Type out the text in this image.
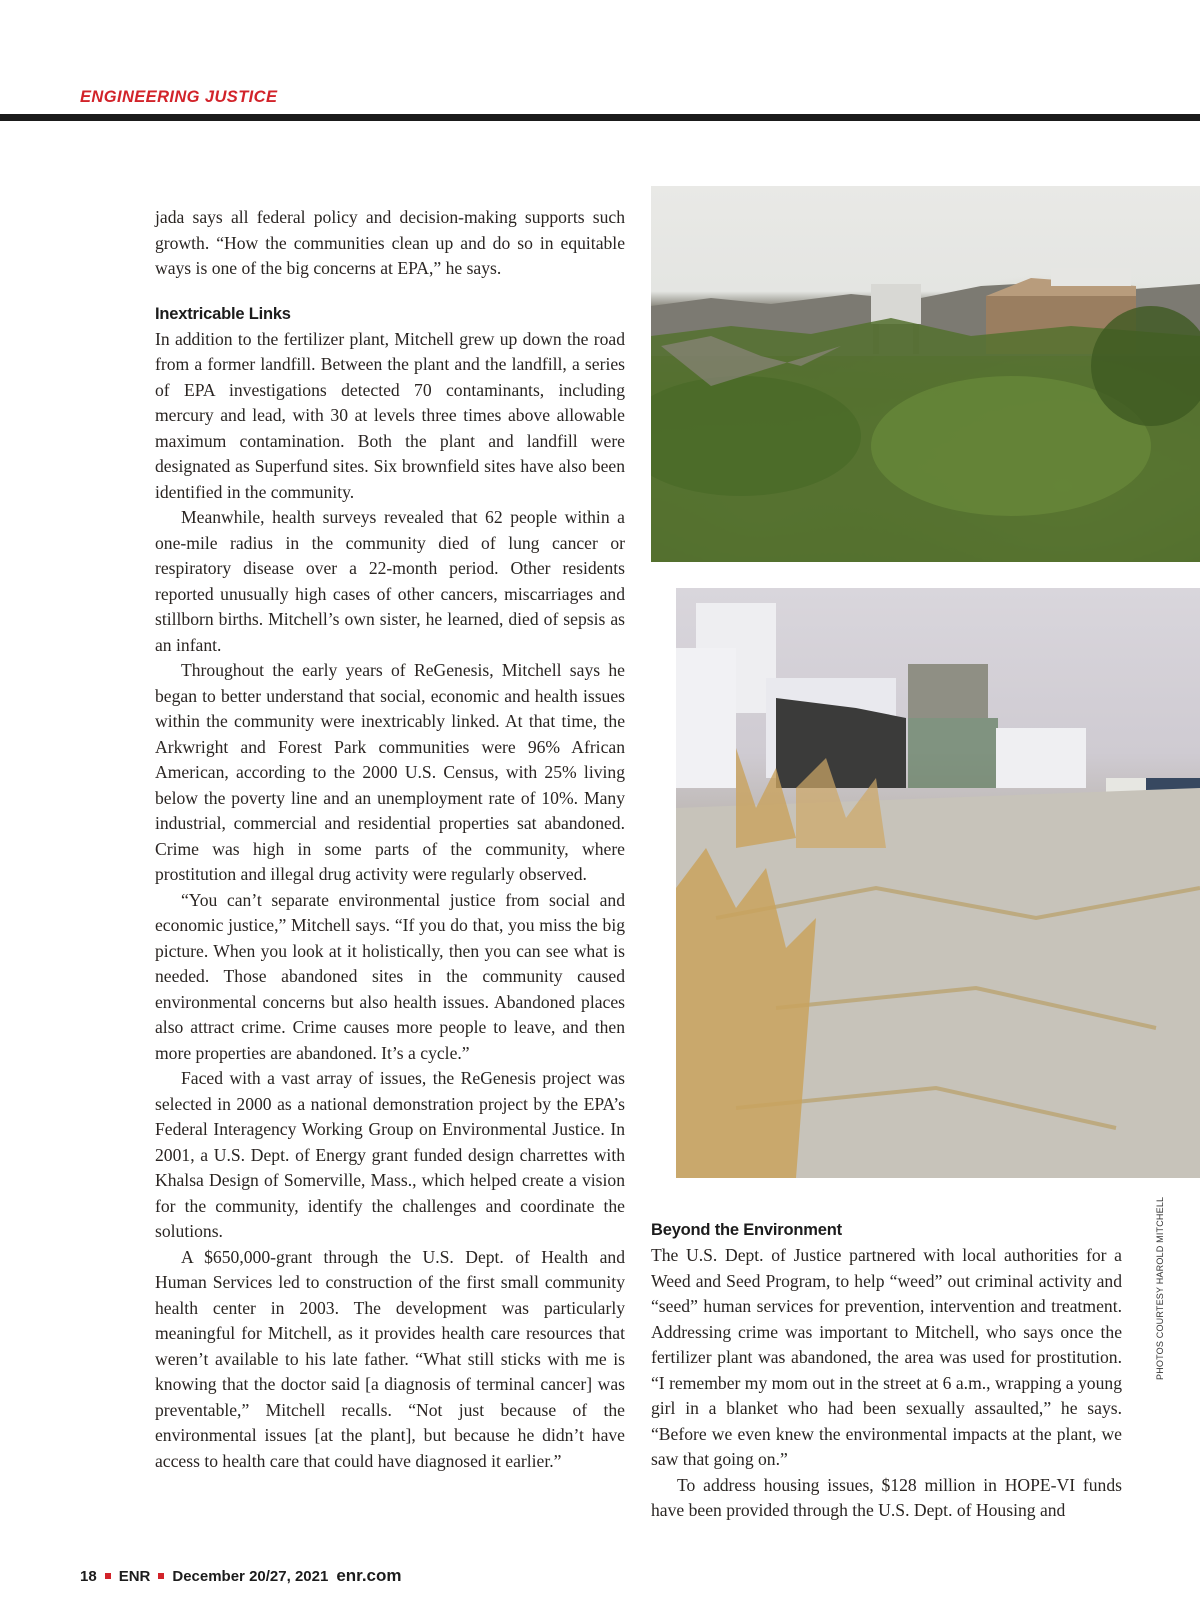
ENGINEERING JUSTICE

jada says all federal policy and decision-making supports such growth. “How the communities clean up and do so in equitable ways is one of the big concerns at EPA,” he says.

Inextricable Links

In addition to the fertilizer plant, Mitchell grew up down the road from a former landfill. Between the plant and the landfill, a series of EPA investigations detected 70 contaminants, including mercury and lead, with 30 at levels three times above allowable maximum contamination. Both the plant and landfill were designated as Superfund sites. Six brownfield sites have also been identified in the community.

Meanwhile, health surveys revealed that 62 people within a one-mile radius in the community died of lung cancer or respiratory disease over a 22-month period. Other residents reported unusually high cases of other cancers, miscarriages and stillborn births. Mitchell’s own sister, he learned, died of sepsis as an infant.

Throughout the early years of ReGenesis, Mitchell says he began to better understand that social, economic and health issues within the community were inextricably linked. At that time, the Arkwright and Forest Park communities were 96% African American, according to the 2000 U.S. Census, with 25% living below the poverty line and an unemployment rate of 10%. Many industrial, commercial and residential properties sat abandoned. Crime was high in some parts of the community, where prostitution and illegal drug activity were regularly observed.

“You can’t separate environmental justice from social and economic justice,” Mitchell says. “If you do that, you miss the big picture. When you look at it holistically, then you can see what is needed. Those abandoned sites in the community caused environmental concerns but also health issues. Abandoned places also attract crime. Crime causes more people to leave, and then more properties are abandoned. It’s a cycle.”

Faced with a vast array of issues, the ReGenesis project was selected in 2000 as a national demonstration project by the EPA’s Federal Interagency Working Group on Environmental Justice. In 2001, a U.S. Dept. of Energy grant funded design charrettes with Khalsa Design of Somerville, Mass., which helped create a vision for the community, identify the challenges and coordinate the solutions.

A $650,000-grant through the U.S. Dept. of Health and Human Services led to construction of the first small community health center in 2003. The development was particularly meaningful for Mitchell, as it provides health care resources that weren’t available to his late father. “What still sticks with me is knowing that the doctor said [a diagnosis of terminal cancer] was preventable,” Mitchell recalls. “Not just because of the environmental issues [at the plant], but because he didn’t have access to health care that could have diagnosed it earlier.”

Beyond the Environment

The U.S. Dept. of Justice partnered with local authorities for a Weed and Seed Program, to help “weed” out criminal activity and “seed” human services for prevention, intervention and treatment. Addressing crime was important to Mitchell, who says once the fertilizer plant was abandoned, the area was used for prostitution. “I remember my mom out in the street at 6 a.m., wrapping a young girl in a blanket who had been sexually assaulted,” he says. “Before we even knew the environmental impacts at the plant, we saw that going on.”

To address housing issues, $128 million in HOPE-VI funds have been provided through the U.S. Dept. of Housing and

PHOTOS COURTESY HAROLD MITCHELL
18 ENR December 20/27, 2021 enr.com
